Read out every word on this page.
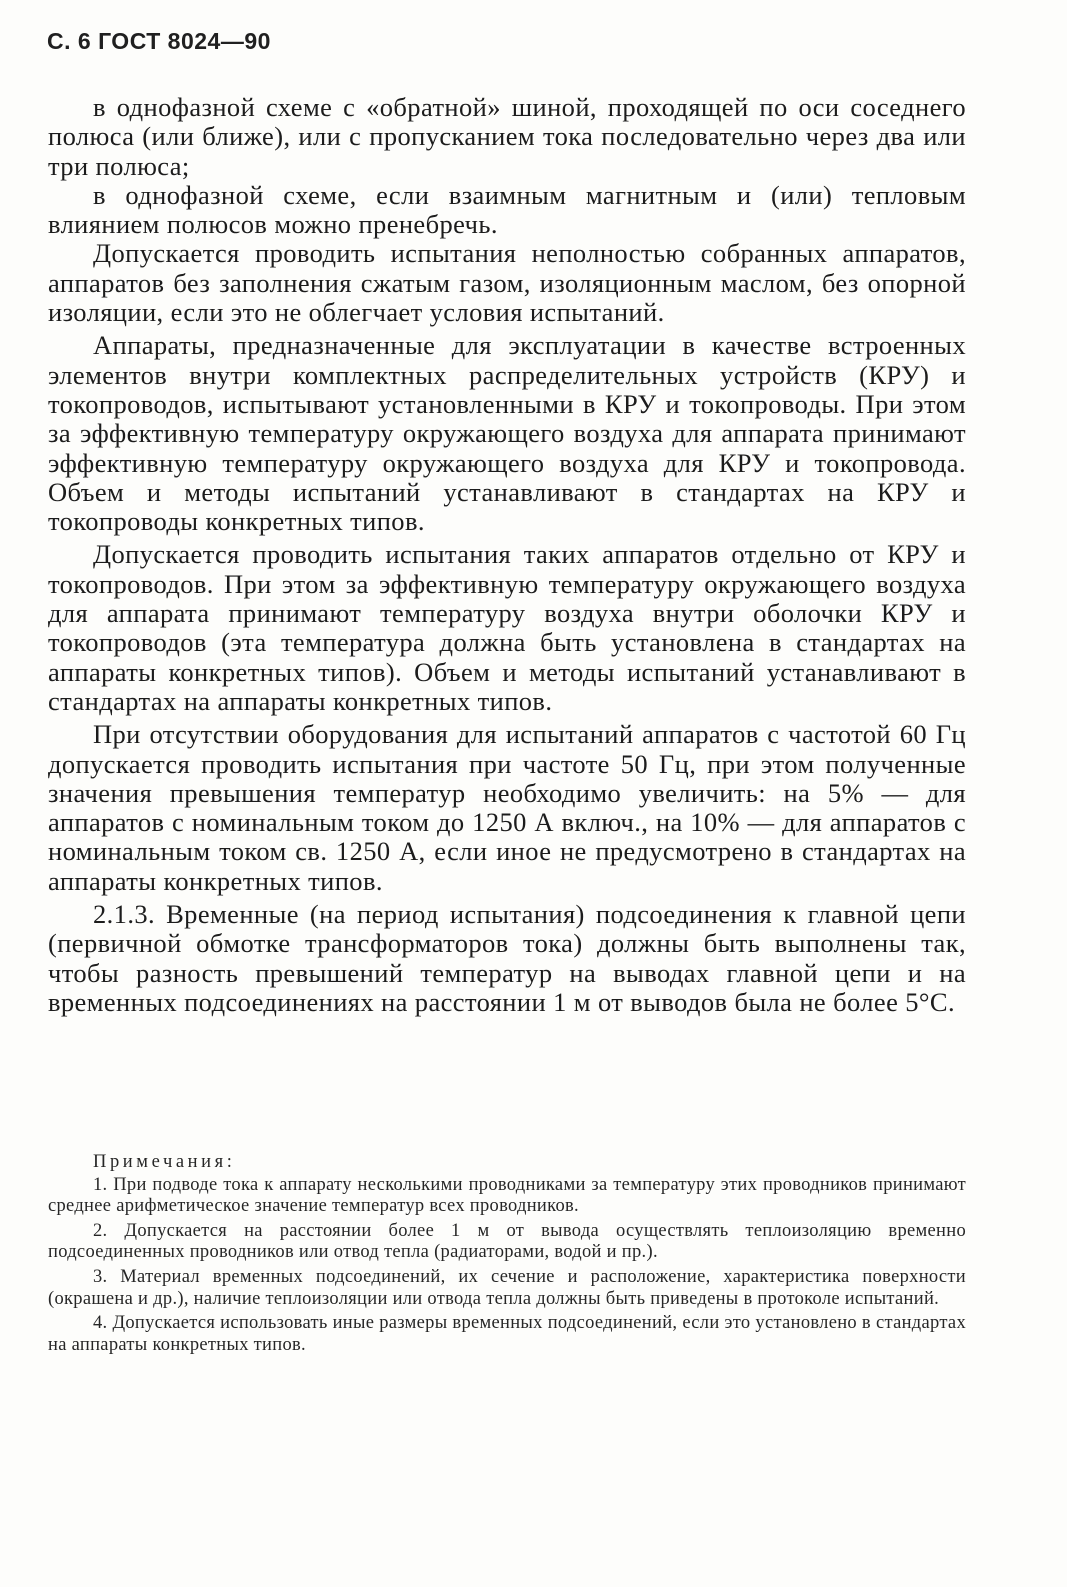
С. 6 ГОСТ 8024—90

в однофазной схеме с «обратной» шиной, проходящей по оси соседнего полюса (или ближе), или с пропусканием тока последовательно через два или три полюса;

в однофазной схеме, если взаимным магнитным и (или) тепловым влиянием полюсов можно пренебречь.

Допускается проводить испытания неполностью собранных аппаратов, аппаратов без заполнения сжатым газом, изоляционным маслом, без опорной изоляции, если это не облегчает условия испытаний.

Аппараты, предназначенные для эксплуатации в качестве встроенных элементов внутри комплектных распределительных устройств (КРУ) и токопроводов, испытывают установленными в КРУ и токопроводы. При этом за эффективную температуру окружающего воздуха для аппарата принимают эффективную температуру окружающего воздуха для КРУ и токопровода. Объем и методы испытаний устанавливают в стандартах на КРУ и токопроводы конкретных типов.

Допускается проводить испытания таких аппаратов отдельно от КРУ и токопроводов. При этом за эффективную температуру окружающего воздуха для аппарата принимают температуру воздуха внутри оболочки КРУ и токопроводов (эта температура должна быть установлена в стандартах на аппараты конкретных типов). Объем и методы испытаний устанавливают в стандартах на аппараты конкретных типов.

При отсутствии оборудования для испытаний аппаратов с частотой 60 Гц допускается проводить испытания при частоте 50 Гц, при этом полученные значения превышения температур необходимо увеличить: на 5% — для аппаратов с номинальным током до 1250 А включ., на 10% — для аппаратов с номинальным током св. 1250 А, если иное не предусмотрено в стандартах на аппараты конкретных типов.

2.1.3. Временные (на период испытания) подсоединения к главной цепи (первичной обмотке трансформаторов тока) должны быть выполнены так, чтобы разность превышений температур на выводах главной цепи и на временных подсоединениях на расстоянии 1 м от выводов была не более 5°С.

Примечания:

1. При подводе тока к аппарату несколькими проводниками за температуру этих проводников принимают среднее арифметическое значение температур всех проводников.

2. Допускается на расстоянии более 1 м от вывода осуществлять теплоизоляцию временно подсоединенных проводников или отвод тепла (радиаторами, водой и пр.).

3. Материал временных подсоединений, их сечение и расположение, характеристика поверхности (окрашена и др.), наличие теплоизоляции или отвода тепла должны быть приведены в протоколе испытаний.

4. Допускается использовать иные размеры временных подсоединений, если это установлено в стандартах на аппараты конкретных типов.
